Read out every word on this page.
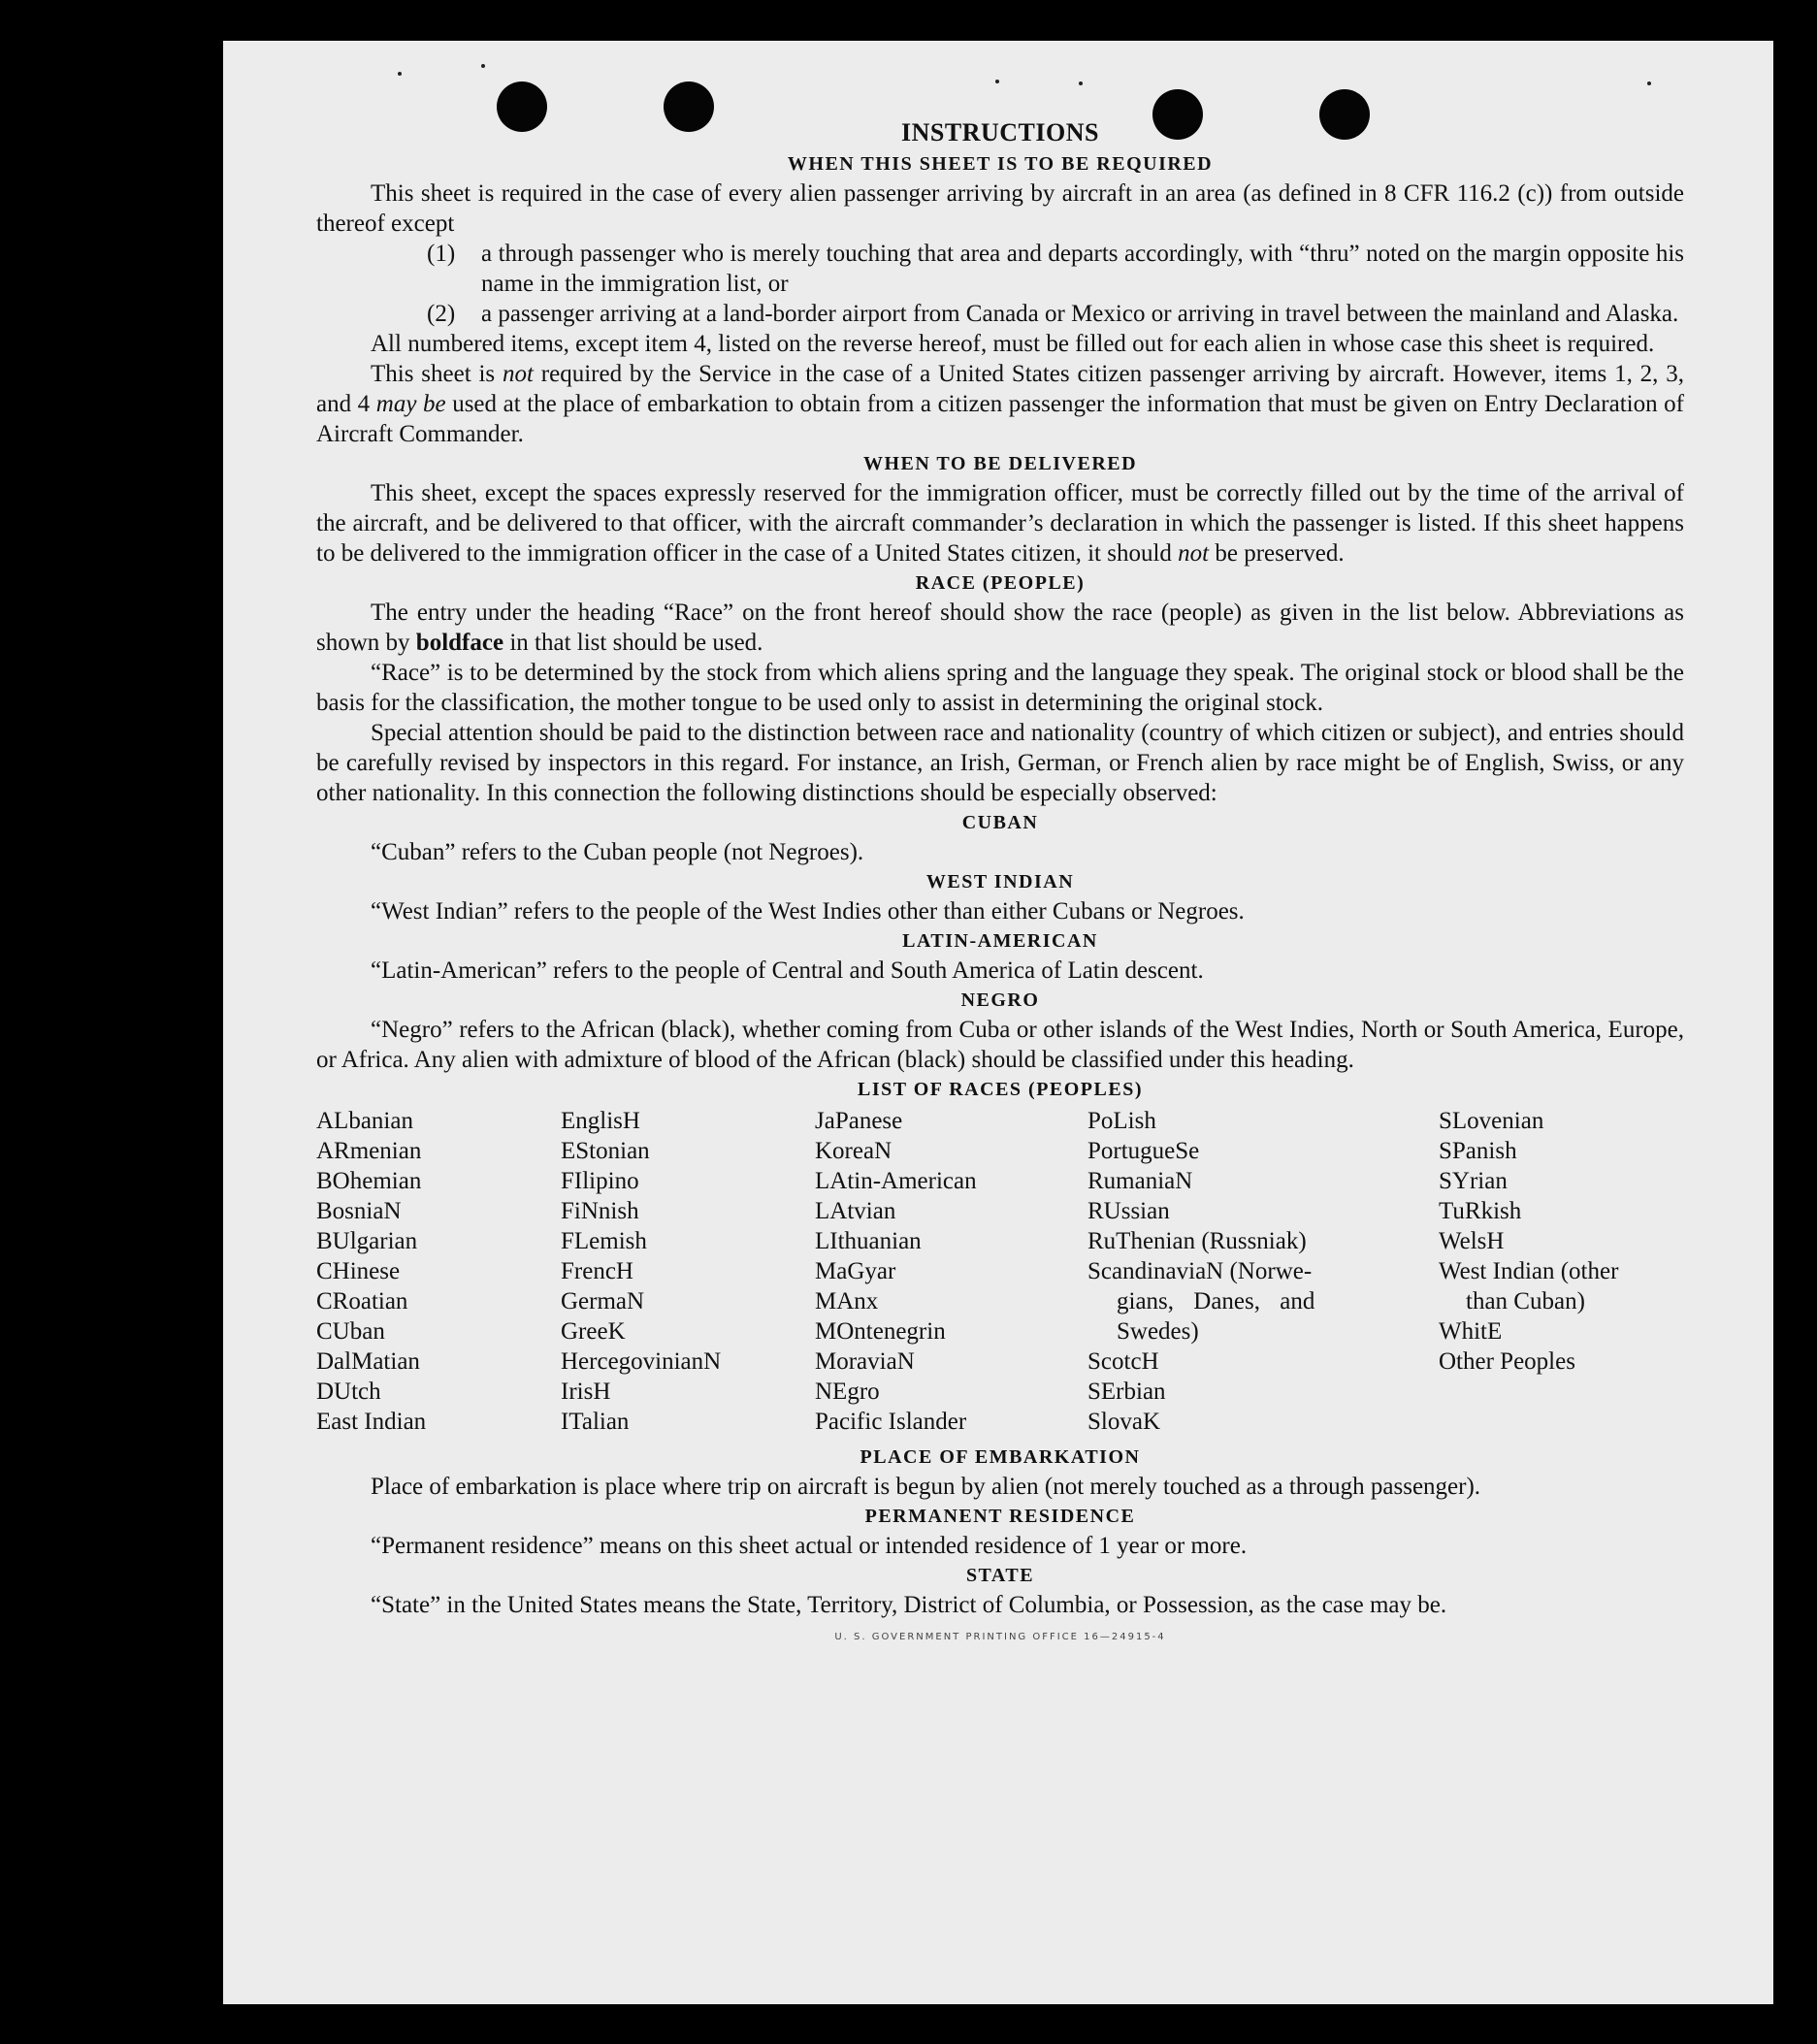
INSTRUCTIONS
WHEN THIS SHEET IS TO BE REQUIRED

This sheet is required in the case of every alien passenger arriving by aircraft in an area (as defined in 8 CFR 116.2 (c)) from outside thereof except

(1)	a through passenger who is merely touching that area and departs accordingly, with “thru” noted on the margin opposite his name in the immigration list, or
(2)	a passenger arriving at a land-border airport from Canada or Mexico or arriving in travel between the mainland and Alaska.

All numbered items, except item 4, listed on the reverse hereof, must be filled out for each alien in whose case this sheet is required.

This sheet is not required by the Service in the case of a United States citizen passenger arriving by aircraft. However, items 1, 2, 3, and 4 may be used at the place of embarkation to obtain from a citizen passenger the information that must be given on Entry Declaration of Aircraft Commander.

WHEN TO BE DELIVERED

This sheet, except the spaces expressly reserved for the immigration officer, must be correctly filled out by the time of the arrival of the aircraft, and be delivered to that officer, with the aircraft commander’s declaration in which the passenger is listed. If this sheet happens to be delivered to the immigration officer in the case of a United States citizen, it should not be preserved.

RACE (PEOPLE)

The entry under the heading “Race” on the front hereof should show the race (people) as given in the list below. Abbreviations as shown by boldface in that list should be used.

“Race” is to be determined by the stock from which aliens spring and the language they speak. The original stock or blood shall be the basis for the classification, the mother tongue to be used only to assist in determining the original stock.

Special attention should be paid to the distinction between race and nationality (country of which citizen or subject), and entries should be carefully revised by inspectors in this regard. For instance, an Irish, German, or French alien by race might be of English, Swiss, or any other nationality. In this connection the following distinctions should be especially observed:

CUBAN

“Cuban” refers to the Cuban people (not Negroes).

WEST INDIAN

“West Indian” refers to the people of the West Indies other than either Cubans or Negroes.

LATIN-AMERICAN

“Latin-American” refers to the people of Central and South America of Latin descent.

NEGRO

“Negro” refers to the African (black), whether coming from Cuba or other islands of the West Indies, North or South America, Europe, or Africa. Any alien with admixture of blood of the African (black) should be classified under this heading.

LIST OF RACES (PEOPLES)
ALbanian
ARmenian
BOhemian
BosniaN
BUlgarian
CHinese
CRoatian
CUban
DalMatian
DUtch
East Indian
EnglisH
EStonian
FIlipino
FiNnish
FLemish
FrencH
GermaN
GreeK
HercegovinianN
IrisH
ITalian
JaPanese
KoreaN
LAtin-American
LAtvian
LIthuanian
MaGyar
MAnx
MOntenegrin
MoraviaN
NEgro
Pacific Islander
PoLish
PortugueSe
RumaniaN
RUssian
RuThenian (Russniak)
ScandinaviaN (Norwe-
gians, Danes, and
Swedes)
ScotcH
SErbian
SlovaK
SLovenian
SPanish
SYrian
TuRkish
WelsH
West Indian (other
than Cuban)
WhitE
Other Peoples
PLACE OF EMBARKATION

Place of embarkation is place where trip on aircraft is begun by alien (not merely touched as a through passenger).

PERMANENT RESIDENCE

“Permanent residence” means on this sheet actual or intended residence of 1 year or more.

STATE

“State” in the United States means the State, Territory, District of Columbia, or Possession, as the case may be.

U. S. GOVERNMENT PRINTING OFFICE 16—24915-4
